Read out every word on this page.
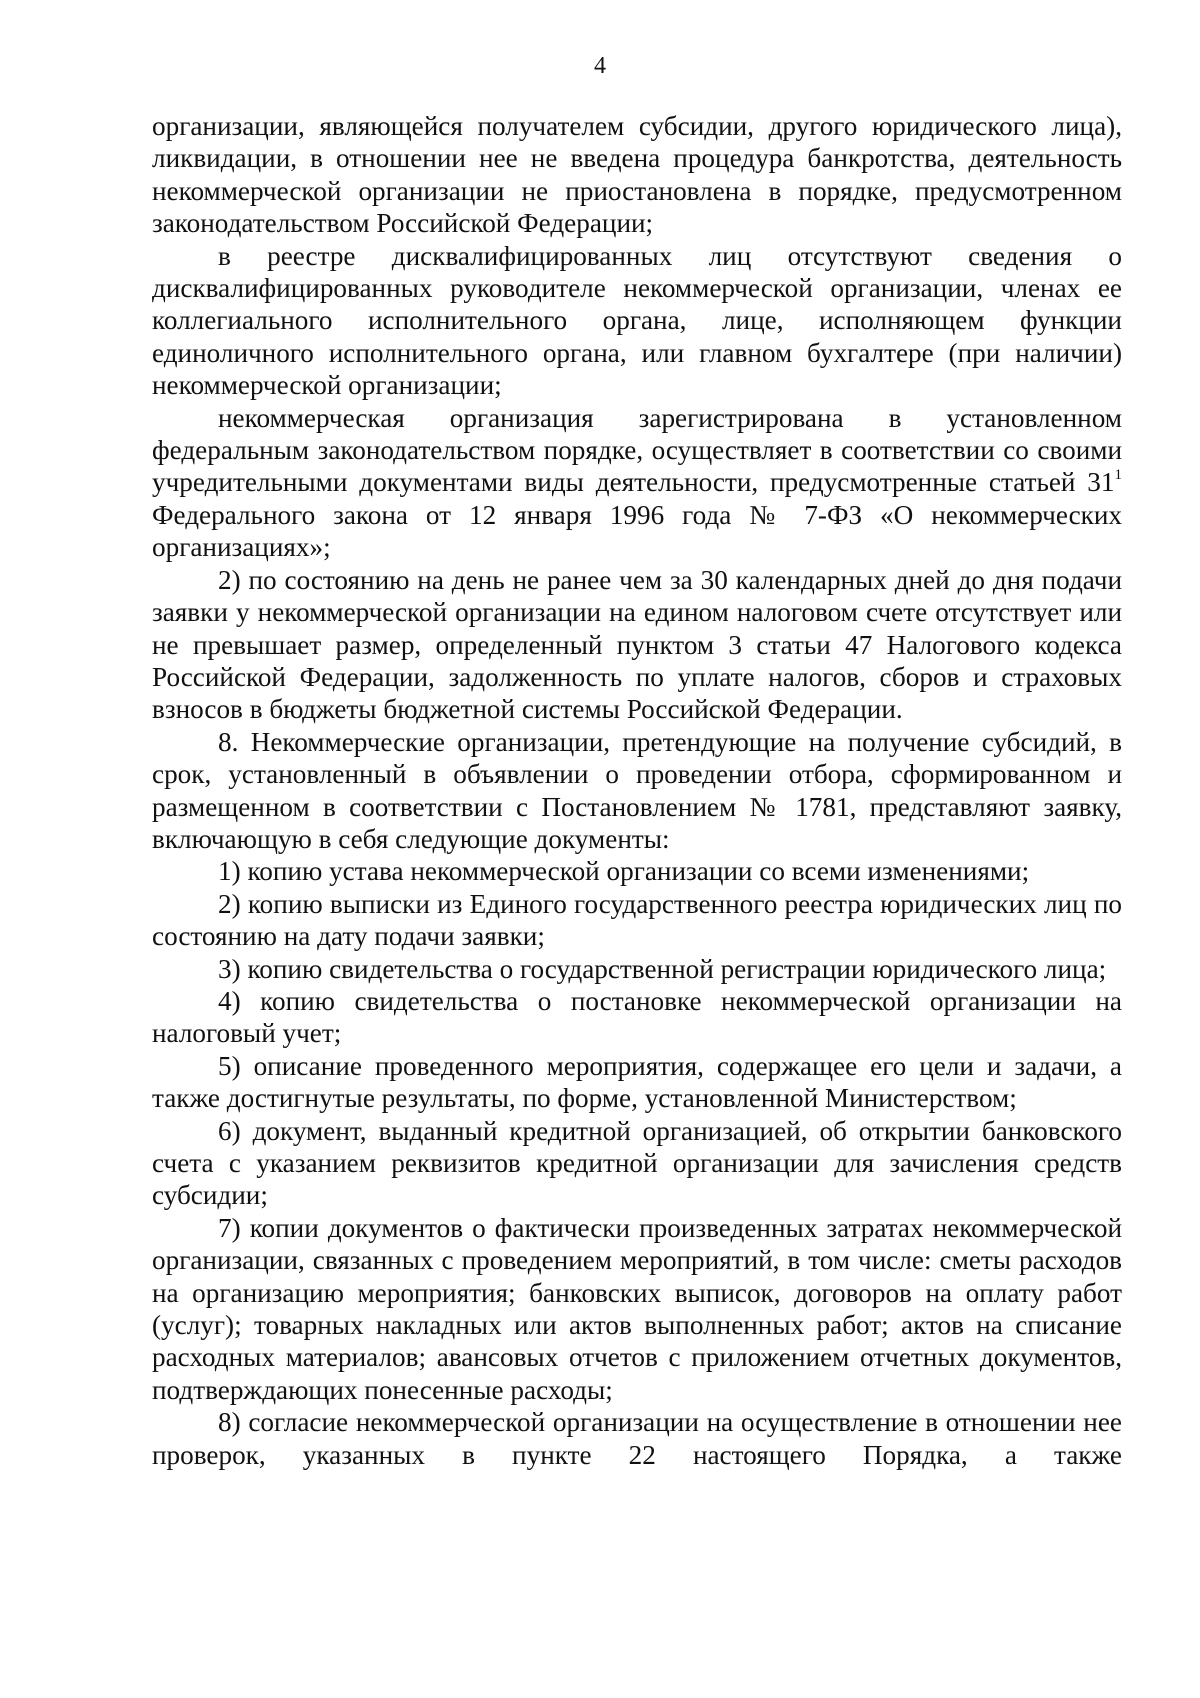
4

организации, являющейся получателем субсидии, другого юридического лица), ликвидации, в отношении нее не введена процедура банкротства, деятельность некоммерческой организации не приостановлена в порядке, предусмотренном законодательством Российской Федерации;

в реестре дисквалифицированных лиц отсутствуют сведения о дисквалифицированных руководителе некоммерческой организации, членах ее коллегиального исполнительного органа, лице, исполняющем функции единоличного исполнительного органа, или главном бухгалтере (при наличии) некоммерческой организации;

некоммерческая организация зарегистрирована в установленном федеральным законодательством порядке, осуществляет в соответствии со своими учредительными документами виды деятельности, предусмотренные статьей $31^1$ Федерального закона от 12 января 1996 года № 7-ФЗ «О некоммерческих организациях»;

2) по состоянию на день не ранее чем за 30 календарных дней до дня подачи заявки у некоммерческой организации на едином налоговом счете отсутствует или не превышает размер, определенный пунктом 3 статьи 47 Налогового кодекса Российской Федерации, задолженность по уплате налогов, сборов и страховых взносов в бюджеты бюджетной системы Российской Федерации.

8. Некоммерческие организации, претендующие на получение субсидий, в срок, установленный в объявлении о проведении отбора, сформированном и размещенном в соответствии с Постановлением № 1781, представляют заявку, включающую в себя следующие документы:

1) копию устава некоммерческой организации со всеми изменениями;

2) копию выписки из Единого государственного реестра юридических лиц по состоянию на дату подачи заявки;

3) копию свидетельства о государственной регистрации юридического лица;

4) копию свидетельства о постановке некоммерческой организации на налоговый учет;

5) описание проведенного мероприятия, содержащее его цели и задачи, а также достигнутые результаты, по форме, установленной Министерством;

6) документ, выданный кредитной организацией, об открытии банковского счета с указанием реквизитов кредитной организации для зачисления средств субсидии;

7) копии документов о фактически произведенных затратах некоммерческой организации, связанных с проведением мероприятий, в том числе: сметы расходов на организацию мероприятия; банковских выписок, договоров на оплату работ (услуг); товарных накладных или актов выполненных работ; актов на списание расходных материалов; авансовых отчетов с приложением отчетных документов, подтверждающих понесенные расходы;

8) согласие некоммерческой организации на осуществление в отношении нее проверок, указанных в пункте 22 настоящего Порядка, а также
